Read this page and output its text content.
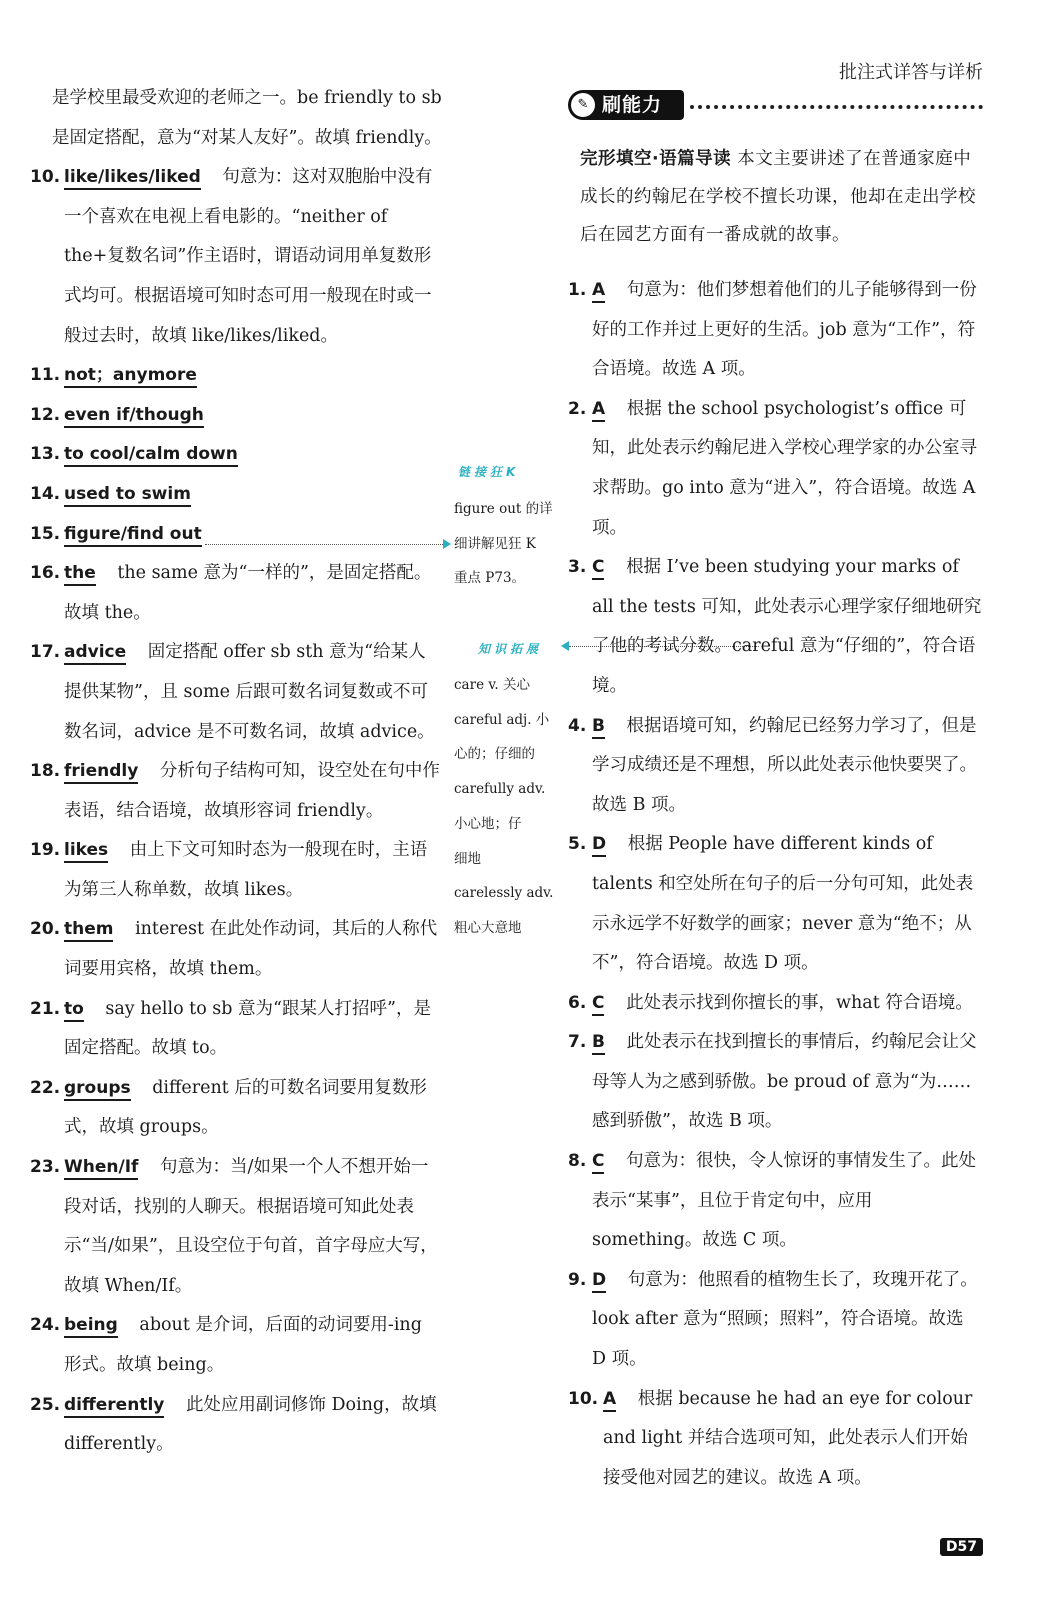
批注式详答与详析
是学校里最受欢迎的老师之一。be friendly to sb
是固定搭配，意为“对某人友好”。故填 friendly。
10. like/likes/liked 句意为：这对双胞胎中没有一个喜欢在电视上看电影的。“neither of the+复数名词”作主语时，谓语动词用单复数形式均可。根据语境可知时态可用一般现在时或一般过去时，故填 like/likes/liked。
11. not；anymore
12. even if/though
13. to cool/calm down
14. used to swim
15. figure/find out
16. the the same 意为“一样的”，是固定搭配。故填 the。
17. advice 固定搭配 offer sb sth 意为“给某人提供某物”，且 some 后跟可数名词复数或不可数名词，advice 是不可数名词，故填 advice。
18. friendly 分析句子结构可知，设空处在句中作表语，结合语境，故填形容词 friendly。
19. likes 由上下文可知时态为一般现在时，主语为第三人称单数，故填 likes。
20. them interest 在此处作动词，其后的人称代词要用宾格，故填 them。
21. to say hello to sb 意为“跟某人打招呼”，是固定搭配。故填 to。
22. groups different 后的可数名词要用复数形式，故填 groups。
23. When/If 句意为：当/如果一个人不想开始一段对话，找别的人聊天。根据语境可知此处表示“当/如果”，且设空位于句首，首字母应大写，故填 When/If。
24. being about 是介词，后面的动词要用-ing 形式。故填 being。
25. differently 此处应用副词修饰 Doing，故填 differently。
链接狂K
figure out 的详
细讲解见狂 K
重点 P73。
知识拓展
care v. 关心
careful adj. 小
心的；仔细的
carefully adv.
小心地；仔
细地
carelessly adv.
粗心大意地
✎ 刷能力
完形填空·语篇导读 本文主要讲述了在普通家庭中成长的约翰尼在学校不擅长功课，他却在走出学校后在园艺方面有一番成就的故事。
1. A 句意为：他们梦想着他们的儿子能够得到一份好的工作并过上更好的生活。job 意为“工作”，符合语境。故选 A 项。
2. A 根据 the school psychologist’s office 可知，此处表示约翰尼进入学校心理学家的办公室寻求帮助。go into 意为“进入”，符合语境。故选 A 项。
3. C 根据 I’ve been studying your marks of all the tests 可知，此处表示心理学家仔细地研究了他的考试分数。careful 意为“仔细的”，符合语境。
4. B 根据语境可知，约翰尼已经努力学习了，但是学习成绩还是不理想，所以此处表示他快要哭了。故选 B 项。
5. D 根据 People have different kinds of talents 和空处所在句子的后一分句可知，此处表示永远学不好数学的画家；never 意为“绝不；从不”，符合语境。故选 D 项。
6. C 此处表示找到你擅长的事，what 符合语境。
7. B 此处表示在找到擅长的事情后，约翰尼会让父母等人为之感到骄傲。be proud of 意为“为……感到骄傲”，故选 B 项。
8. C 句意为：很快，令人惊讶的事情发生了。此处表示“某事”，且位于肯定句中，应用 something。故选 C 项。
9. D 句意为：他照看的植物生长了，玫瑰开花了。look after 意为“照顾；照料”，符合语境。故选 D 项。
10. A 根据 because he had an eye for colour and light 并结合选项可知，此处表示人们开始接受他对园艺的建议。故选 A 项。
D57
